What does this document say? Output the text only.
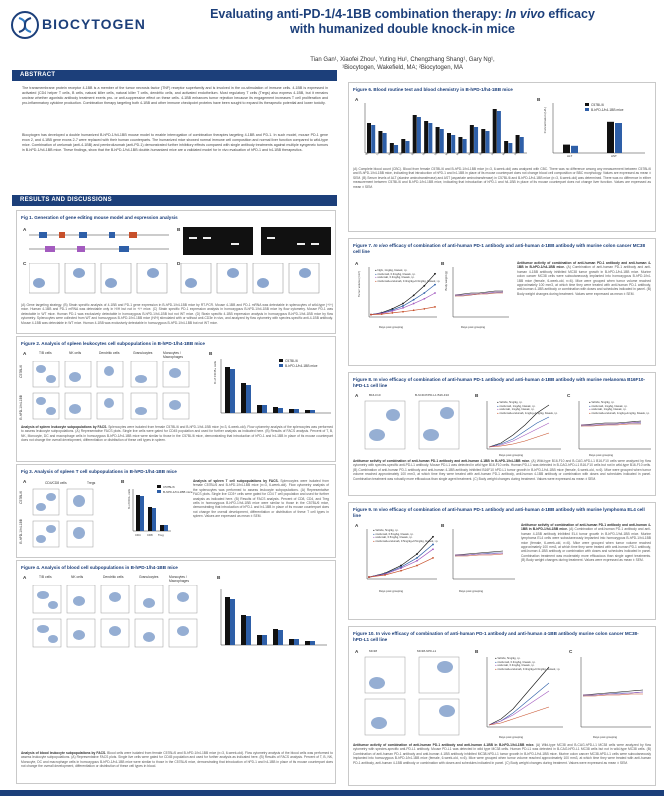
BIOCYTOGEN
Evaluating anti-PD-1/4-1BB combination therapy: In vivo efficacy
with humanized double knock-in mice
Tian Gan¹, Xiaofei Zhou¹, Yuting Hu¹, Chengzhang Shang¹, Gary Ng¹,
¹Biocytogen, Wakefield, MA; ²Biocytogen, MA
ABSTRACT
The transmembrane protein receptor 4-1BB is a member of the tumor necrosis factor (TNF) receptor superfamily and is involved in the co-stimulation of immune cells. 4-1BB is expressed in activated (CD4 helper T cells, B cells, natural killer cells, natural killer T cells, dendritic cells, and activated endothelium. Most regulatory T cells (Tregs) also express 4-1BB, but it remains unclear whether agonistic antibody treatment exerts pro- or anti-suppressive effect on these cells. 4-1BB enhances tumor rejection because its engagement increases T cell proliferation and pro-inflammatory cytokine production. Combination therapy targeting both 4-1BB and other immune checkpoint proteins have been sought to expand its therapeutic potential and lower toxicity.
Biocytogen has developed a double humanized B-hPD-1/h4-1BB mouse model to enable interrogation of combination therapies targeting 4-1BB and PD-1. In such model, mouse PD-1 gene exon 2, and 4-1BB gene exons 2-7 were replaced with their human counterparts. The humanized mice showed normal immune cell composition and normal liver function compared to wild-type mice. Combination of urelumab (anti-4-1BB) and pembrolizumab (anti-PD-1) demonstrated further inhibitory effects compared with single antibody treatments against multiple syngeneic tumors in B-hPD-1/h4-1BB mice. These findings, show that the B-hPD-1/h4-1BB double-humanized mice are a validated model for in vivo evaluation of hPD-1 and h4-1BB therapeutics.
RESULTS AND DISCUSSIONS
Fig 1. Generation of gene editing mouse model and expression analysis
A	B
C	D
(A) Gene targeting strategy. (B) Strain specific analysis of 4-1BB and PD-1 gene expression in B-hPD-1/h4-1BB mice by RT-PCR. Mouse 4-1BB and PD-1 mRNA was detectable in splenocytes of wild-type (+/+) mice. Human 4-1BB and PD-1 mRNA was detectable only in H/H but not in +/+ mice. (C) Strain specific PD-1 expression analysis in homozygous B-hPD-1/h4-1BB mice by flow cytometry. Mouse PD-1 was detectable in WT mice. Human PD-1 was exclusively detectable in homozygous B-hPD-1/h4-1BB but not WT mice. (D) Strain specific 4-1BB expression analysis in homozygous B-hPD-1/h4-1BB mice by flow cytometry. Splenocytes were collected from WT and homozygous B-hPD-1/h4-1BB mice (H/H) stimulated with or without anti-CD3e in vivo, and analyzed by flow cytometry with species-specific anti-4-1BB antibody. Mouse 4-1BB was detectable in WT mice. Human 4-1BB was exclusively detectable in homozygous B-hPD-1/h4-1BB but not WT mice.
Figure 2. Analysis of spleen leukocytes cell subpopulations in B-hPD-1/h4-1BB mice
A	T/B cells	NK cells	Dendritic cells	Granulocytes	Monocytes / Macrophages
C57BL/6
B-hPD-1/h4-1BB
B
% of CD45+ cells	C57BL/6
B-hPD-1/h4-1BB mice
Analysis of spleen leukocyte subpopulations by FACS. Splenocytes were isolated from female C57BL/6 and B-hPD-1/h4-1BB mice (n=3, 6-week-old). Flow cytometry analysis of the splenocytes was performed to assess leukocyte subpopulations. (A) Representative FACS plots. Single live cells were gated for CD45 population and used for further analysis as indicated here. (B) Results of FACS analysis. Percent of T, B, NK, Monocyte, DC and macrophage cells in homozygous B-hPD-1/h4-1BB mice were similar to those in the C57BL/6 mice, demonstrating that introduction of hPD-1 and h4-1BB in place of its mouse counterpart does not change the overall development, differentiation or distribution of these cell types in spleen.
Fig 3. Analysis of spleen T cell subpopulations in B-hPD-1/h4-1BB mice
A	CD4/CD8 cells	Tregs
C57BL/6
B-hPD-1/h4-1BB
B
CD4 CD8 Treg
% of CD3+ cells
C57BL/6
B-hPD-1/h4-1BB mice
Analysis of spleen T cell subpopulations by FACS. Splenocytes were isolated from female C57BL/6 and B-hPD-1/h4-1BB mice (n=3, 6-week-old). Flow cytometry analysis of the splenocytes was performed to assess leukocyte subpopulations. (A) Representative FACS plots. Single live CD3+ cells were gated for CD4 T cell population and used for further analysis as indicated here. (B) Results of FACS analysis. Percent of CD8, CD4, and Treg cells in homozygous B-hPD-1/h4-1BB mice were similar to those in the C57BL/6 mice, demonstrating that introduction of hPD-1 and h4-1BB in place of its mouse counterpart does not change the overall development, differentiation or distribution of these T cell types in spleen. Values are expressed as mean ± SEM.
Figure 4. Analysis of blood cell subpopulations in B-hPD-1/h4-1BB mice
A	T/B cells	NK cells	Dendritic cells	Granulocytes	Monocytes / Macrophages
B
Analysis of blood leukocyte subpopulations by FACS. Blood cells were isolated from female C57BL/6 and B-hPD-1/h4-1BB mice (n=3, 6-week-old). Flow cytometry analysis of the blood cells was performed to assess leukocyte subpopulations. (A) Representative FACS plots. Single live cells were gated for CD45 population and used for further analysis as indicated here. (B) Results of FACS analysis. Percent of T, B, NK, Monocyte, DC and macrophage cells in homozygous B-hPD-1/h4-1BB mice were similar to those in the C57BL/6 mice, demonstrating that introduction of hPD-1 and h4-1BB in place of its mouse counterpart does not change the overall development, differentiation or distribution of these cell types in blood.
Figure 6. Blood routine test and blood chemistry in B-hPD-1/h4-1BB mice
A
WBC LYM MON NEU RBC HGB HCT MCV MCH MCHC RDW PLT	MPV PDW
B
Concentration (U/L)
ALT	AST
C57BL/6
B-hPD-1/h4-1BB mice
(A) Complete blood count (CBC). Blood from female C57BL/6 and B-hPD-1/h4-1BB mice (n=3, 6-week-old) was analyzed with CBC. There was no difference among any measurement between C57BL/6 and B-hPD-1/h4-1BB mice, indicating that introduction of hPD-1 and h4-1BB in place of its mouse counterpart does not change blood cell composition or BBC morphology. Values are expressed as mean ± SEM. (B) Serum levels of ALT (alanine aminotransferase) and AST (aspartate aminotransferase) in C57BL/6 and B-hPD-1/h4-1BB mice (n=3, 6-week-old) was determined. There was no difference in either measurement between C57BL/6 and B-hPD-1/h4-1BB mice, indicating that introduction of hPD-1 and h4-1BB in place of its mouse counterpart does not change liver function. Values are expressed as mean ± SEM.
Figure 7. In vivo efficacy of combination of anti-human PD-1 antibody and anti-human 4-1BB antibody with murine colon cancer MC38 cell line
A
Tumor volume (mm³)
Days post grouping
● hIgG, 1mg/kg, biweek, i.p.
● nivolumab, 0.3mg/kg, biweek, i.p.
● urelumab, 0.3mg/kg, biweek, i.p.
● nivolumab+urelumab, 0.3mg/kg+0.3mg/kg, biweek, i.p.
B
Body weight (g)
Days post grouping
Antitumor activity of combination of anti-human PD-1 antibody and anti-human 4-1BB in B-hPD-1/h4-1BB mice. (A) Combination of anti-human PD-1 antibody and anti-human 4-1BB antibody inhibited MC38 tumor growth in B-hPD-1/h4-1BB mice. Murine colon cancer MC38 cells were subcutaneously implanted into homozygous B-hPD-1/h4-1BB mice (female, 6-week-old, n=6). Mice were grouped when tumor volume reached approximately 100 mm3, at which time they were treated with anti-human PD-1 antibody, anti-human 4-1BB antibody or combination with doses and schedules indicated in panel. (B) Body weight changes during treatment. Values were expressed as mean ± SEM.
Figure 8. In vivo efficacy of combination of anti-human PD-1 antibody and anti-human 4-1BB antibody with murine melanoma B16F10-hPD-L1 cell line
A	B16-F10	B-hCD47/PD-L1 B16-F10	B
● Vehicle, 5mg/kg, i.p.
● nivolumab, 1mg/kg, biweek, i.p.
● urelumab, 1mg/kg, biweek, i.p.
● nivolumab+urelumab, 1mg/kg+1mg/kg, biweek, i.p.
C
● Vehicle, 5mg/kg, i.p.
● nivolumab, 1mg/kg, biweek, i.p.
● urelumab, 1mg/kg, biweek, i.p.
● nivolumab+urelumab, 1mg/kg+1mg/kg, biweek, i.p.
Days post grouping	Days post grouping
Antitumor activity of combination of anti-human PD-1 antibody and anti-human 4-1BB in B-hPD-1/h4-1BB mice. (A) Wild-type B16-F10 and B-CAG-hPD-L1 B16-F10 cells were analyzed by flow cytometry with species-specific anti-PD-L1 antibody. Mouse PD-L1 was detected in wild type B16-F10 cells. Human PD-L1 was detected in B-CAG-hPD-L1 B16-F10 cells but not in wild-type B16-F10 cells. (B) Combination of anti-human PD-1 antibody and anti-human 4-1BB antibody inhibited B16F10 hPD-L1 tumor growth in B-hPD-1/h4-1BB mice (female, 6-week-old, n=6). Mice were grouped when tumor volume reached approximately 100 mm3, at which time they were treated with anti-human PD-1 antibody, anti-human 4-1BB antibody or combination with doses and schedules indicated in panel. Combination treatment was robustly more efficacious than single agent treatment. (C) Body weight changes during treatment. Values were expressed as mean ± SEM.
Figure 9. In vivo efficacy of combination of anti-human PD-1 antibody and anti-human 4-1BB antibody with murine lymphoma EL4 cell line
A
● Vehicle, 5mg/kg, i.p.
● nivolumab, 0.5mg/kg, biweek, i.p.
● urelumab, 0.5mg/kg, biweek, i.p.
● nivolumab+urelumab, 0.5mg/kg+0.5mg/kg, biweek, i.p.
Days post grouping
B
Days post grouping
Antitumor activity of combination of anti-human PD-1 antibody and anti-human 4-1BB in B-hPD-1/h4-1BB mice. (A) Combination of anti-human PD-1 antibody and anti-human 4-1BB antibody inhibited EL4 tumor growth in B-hPD-1/h4-1BB mice. Murine lymphoma EL4 cells were subcutaneously implanted into homozygous B-hPD-1/h4-1BB mice (female, 6-week-old, n=6). Mice were grouped when tumor volume reached approximately 100 mm3, at which time they were treated with anti-human PD-1 antibody, anti-human 4-1BB antibody or combination with doses and schedules indicated in panel. Combination treatment was moderately more efficacious than single agent treatments. (B) Body weight changes during treatment. Values were expressed as mean ± SEM.
Figure 10. In vivo efficacy of combination of anti-human PD-1 antibody and anti-human 4-1BB antibody murine colon cancer MC38-hPD-L1 cell line
A	MC38	MC38-hPD-L1	B
● Vehicle, 5mg/kg, i.p.
● nivolumab, 0.3mg/kg, biweek, i.p.
● urelumab, 0.3mg/kg, biweek, i.p.
● nivolumab+urelumab, 0.3mg/kg+0.3mg/kg, biweek, i.p.
C
Days post grouping	Days post grouping
Antitumor activity of combination of anti-human PD-1 antibody and anti-human 4-1BB in B-hPD-1/h4-1BB mice. (A) Wild-type MC38 and B-CAG-hPD-L1 MC38 cells were analyzed by flow cytometry with species-specific anti-PD-L1 antibody. Mouse PD-L1 was detected in wild type MC38 cells. Human PD-L1 was detected in B-CAG-hPD-L1 MC38 cells but not in wild-type MC38 cells. (B) Combination of anti-human PD-1 antibody and anti-human 4-1BB antibody inhibited MC38-hPD-L1 tumor growth in B-hPD-1/h4-1BB mice. Murine colon cancer MC38-hPD-L1 cells were subcutaneously implanted into homozygous B-hPD-1/h4-1BB mice (female, 6-week-old, n=6). Mice were grouped when tumor volume reached approximately 100 mm3, at which time they were treated with anti-human PD-1 antibody, anti-human 4-1BB antibody or combination with doses and schedules indicated in panel. (C) Body weight changes during treatment. Values were expressed as mean ± SEM.
